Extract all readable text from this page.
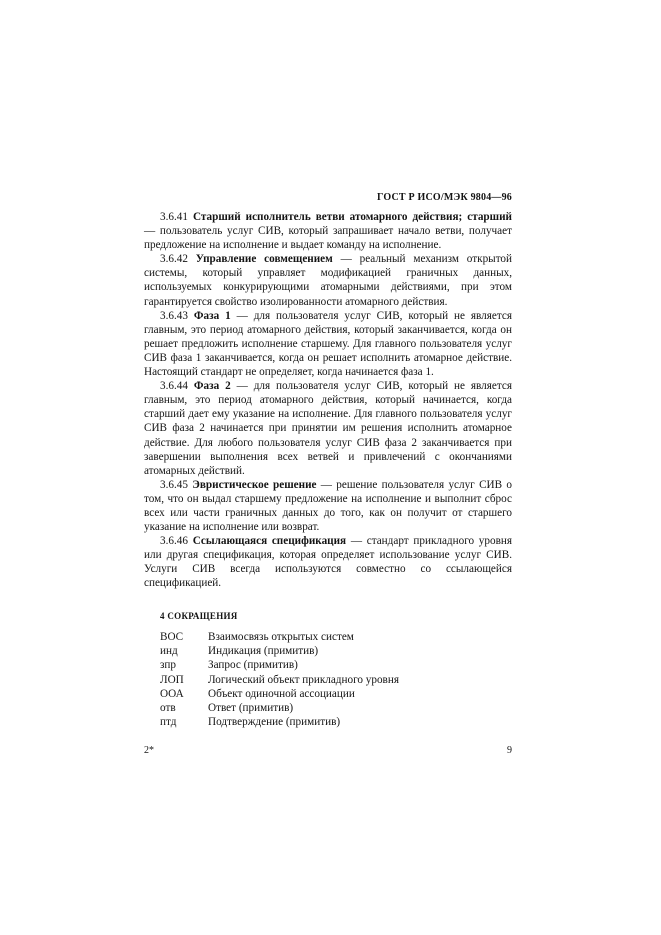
ГОСТ Р ИСО/МЭК 9804—96

3.6.41 Старший исполнитель ветви атомарного действия; старший — пользователь услуг СИВ, который запрашивает начало ветви, получает предложение на исполнение и выдает команду на исполнение.

3.6.42 Управление совмещением — реальный механизм открытой системы, который управляет модификацией граничных данных, используемых конкурирующими атомарными действиями, при этом гарантируется свойство изолированности атомарного действия.

3.6.43 Фаза 1 — для пользователя услуг СИВ, который не является главным, это период атомарного действия, который заканчивается, когда он решает предложить исполнение старшему. Для главного пользователя услуг СИВ фаза 1 заканчивается, когда он решает исполнить атомарное действие. Настоящий стандарт не определяет, когда начинается фаза 1.

3.6.44 Фаза 2 — для пользователя услуг СИВ, который не является главным, это период атомарного действия, который начинается, когда старший дает ему указание на исполнение. Для главного пользователя услуг СИВ фаза 2 начинается при принятии им решения исполнить атомарное действие. Для любого пользователя услуг СИВ фаза 2 заканчивается при завершении выполнения всех ветвей и привлечений с окончаниями атомарных действий.

3.6.45 Эвристическое решение — решение пользователя услуг СИВ о том, что он выдал старшему предложение на исполнение и выполнит сброс всех или части граничных данных до того, как он получит от старшего указание на исполнение или возврат.

3.6.46 Ссылающаяся спецификация — стандарт прикладного уровня или другая спецификация, которая определяет использование услуг СИВ. Услуги СИВ всегда используются совместно со ссылающейся спецификацией.

4 СОКРАЩЕНИЯ
ВОС	Взаимосвязь открытых систем
инд	Индикация (примитив)
зпр	Запрос (примитив)
ЛОП	Логический объект прикладного уровня
ООА	Объект одиночной ассоциации
отв	Ответ (примитив)
птд	Подтверждение (примитив)
2*	9
